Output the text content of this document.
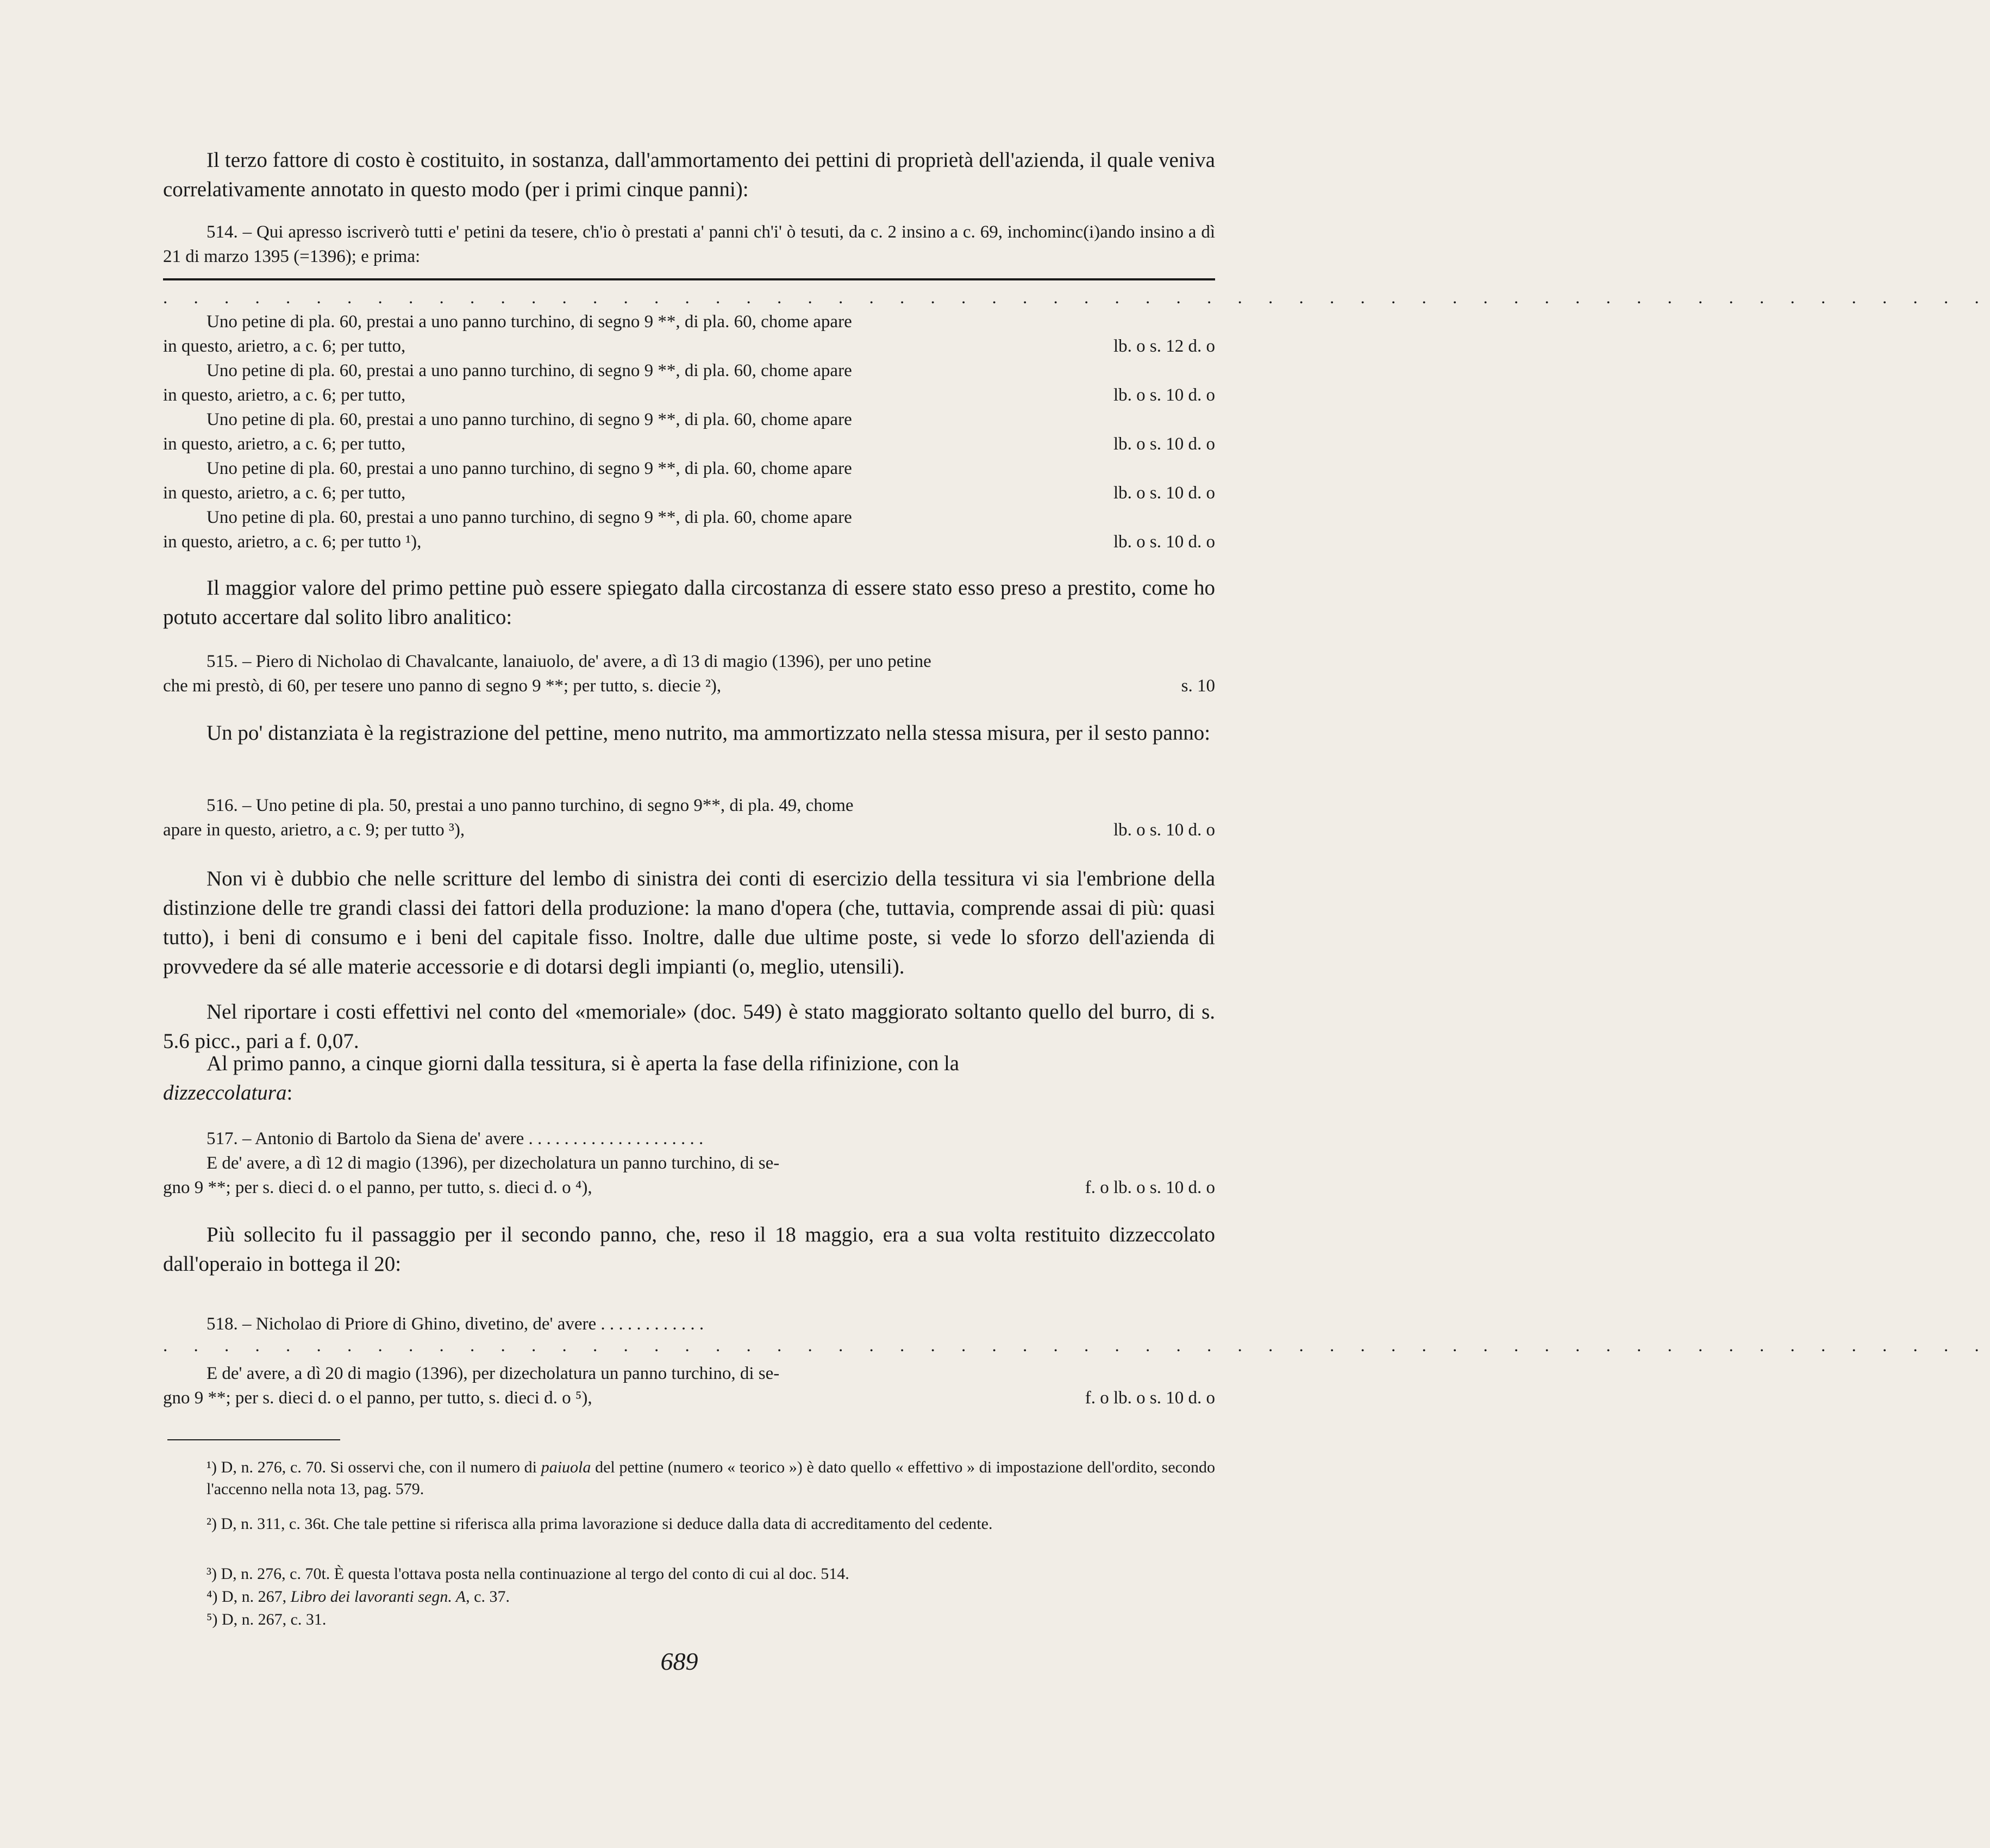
Il terzo fattore di costo è costituito, in sostanza, dall'ammortamento dei pettini di proprietà dell'azienda, il quale veniva correlativamente annotato in questo modo (per i primi cinque panni):
514. – Qui apresso iscriverò tutti e' petini da tesere, ch'io ò prestati a' panni ch'i' ò tesuti, da c. 2 insino a c. 69, inchominc(i)ando insino a dì 21 di marzo 1395 (=1396); e prima:
. . . . . . . . . . . . . . . . . . . . . . . . . . . . . . . . . . . . . . . . . . . . . . . . . . . . . . . . . . . .
Uno petine di pla. 60, prestai a uno panno turchino, di segno 9 **, di pla. 60, chome apare
in questo, arietro, a c. 6; per tutto,	lb. o s. 12 d. o
Uno petine di pla. 60, prestai a uno panno turchino, di segno 9 **, di pla. 60, chome apare
in questo, arietro, a c. 6; per tutto,	lb. o s. 10 d. o
Uno petine di pla. 60, prestai a uno panno turchino, di segno 9 **, di pla. 60, chome apare
in questo, arietro, a c. 6; per tutto,	lb. o s. 10 d. o
Uno petine di pla. 60, prestai a uno panno turchino, di segno 9 **, di pla. 60, chome apare
in questo, arietro, a c. 6; per tutto,	lb. o s. 10 d. o
Uno petine di pla. 60, prestai a uno panno turchino, di segno 9 **, di pla. 60, chome apare
in questo, arietro, a c. 6; per tutto ¹),	lb. o s. 10 d. o
Il maggior valore del primo pettine può essere spiegato dalla circostanza di essere stato esso preso a prestito, come ho potuto accertare dal solito libro analitico:
515. – Piero di Nicholao di Chavalcante, lanaiuolo, de' avere, a dì 13 di magio (1396), per uno petine
che mi prestò, di 60, per tesere uno panno di segno 9 **; per tutto, s. diecie ²),	s. 10
Un po' distanziata è la registrazione del pettine, meno nutrito, ma ammortizzato nella stessa misura, per il sesto panno:
516. – Uno petine di pla. 50, prestai a uno panno turchino, di segno 9**, di pla. 49, chome
apare in questo, arietro, a c. 9; per tutto ³),	lb. o s. 10 d. o
Non vi è dubbio che nelle scritture del lembo di sinistra dei conti di esercizio della tessitura vi sia l'embrione della distinzione delle tre grandi classi dei fattori della produzione: la mano d'opera (che, tuttavia, comprende assai di più: quasi tutto), i beni di consumo e i beni del capitale fisso. Inoltre, dalle due ultime poste, si vede lo sforzo dell'azienda di provvedere da sé alle materie accessorie e di dotarsi degli impianti (o, meglio, utensili).
Nel riportare i costi effettivi nel conto del «memoriale» (doc. 549) è stato maggiorato soltanto quello del burro, di s. 5.6 picc., pari a f. 0,07.
Al primo panno, a cinque giorni dalla tessitura, si è aperta la fase della rifinizione, con la
dizzeccolatura:
517. – Antonio di Bartolo da Siena de' avere . . . . . . . . . . . . . . . . . . . .
E de' avere, a dì 12 di magio (1396), per dizecholatura un panno turchino, di se-
gno 9 **; per s. dieci d. o el panno, per tutto, s. dieci d. o ⁴),	f. o lb. o s. 10 d. o
Più sollecito fu il passaggio per il secondo panno, che, reso il 18 maggio, era a sua volta restituito dizzeccolato dall'operaio in bottega il 20:
518. – Nicholao di Priore di Ghino, divetino, de' avere . . . . . . . . . . . .
. . . . . . . . . . . . . . . . . . . . . . . . . . . . . . . . . . . . . . . . . . . . . . . . . . . . . . . . . . . .
E de' avere, a dì 20 di magio (1396), per dizecholatura un panno turchino, di se-
gno 9 **; per s. dieci d. o el panno, per tutto, s. dieci d. o ⁵),	f. o lb. o s. 10 d. o
¹) D, n. 276, c. 70. Si osservi che, con il numero di paiuola del pettine (numero « teorico ») è dato quello « effettivo » di impostazione dell'ordito, secondo l'accenno nella nota 13, pag. 579.
²) D, n. 311, c. 36t. Che tale pettine si riferisca alla prima lavorazione si deduce dalla data di accreditamento del cedente.
³) D, n. 276, c. 70t. È questa l'ottava posta nella continuazione al tergo del conto di cui al doc. 514.
⁴) D, n. 267, Libro dei lavoranti segn. A, c. 37.
⁵) D, n. 267, c. 31.
689
